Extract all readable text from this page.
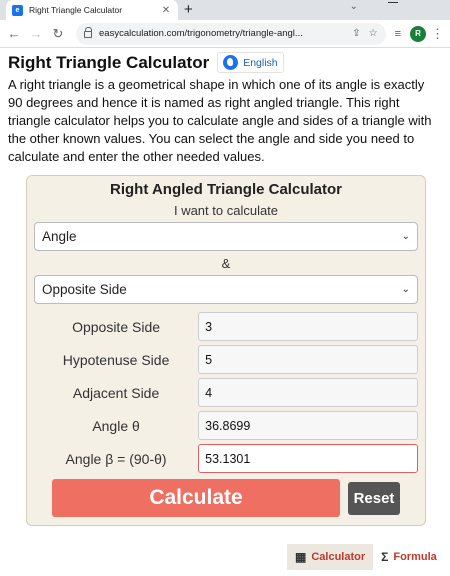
e	Right Triangle Calculator	✕ +	⌄
← → ↻	easycalculation.com/trigonometry/triangle-angl...	⇪ ☆ ≡	R ⋮
Right Triangle Calculator	English

A right triangle is a geometrical shape in which one of its angle is exactly 90 degrees and hence it is named as right angled triangle. This right triangle calculator helps you to calculate angle and sides of a triangle with the other known values. You can select the angle and side you need to calculate and enter the other needed values.

Right Angled Triangle Calculator
I want to calculate
Angle	⌄
&
Opposite Side	⌄
Opposite Side	3
Hypotenuse Side	5
Adjacent Side	4
Angle θ	36.8699
Angle β = (90-θ)	53.1301
Calculate	Reset
▦ Calculator Σ Formula
